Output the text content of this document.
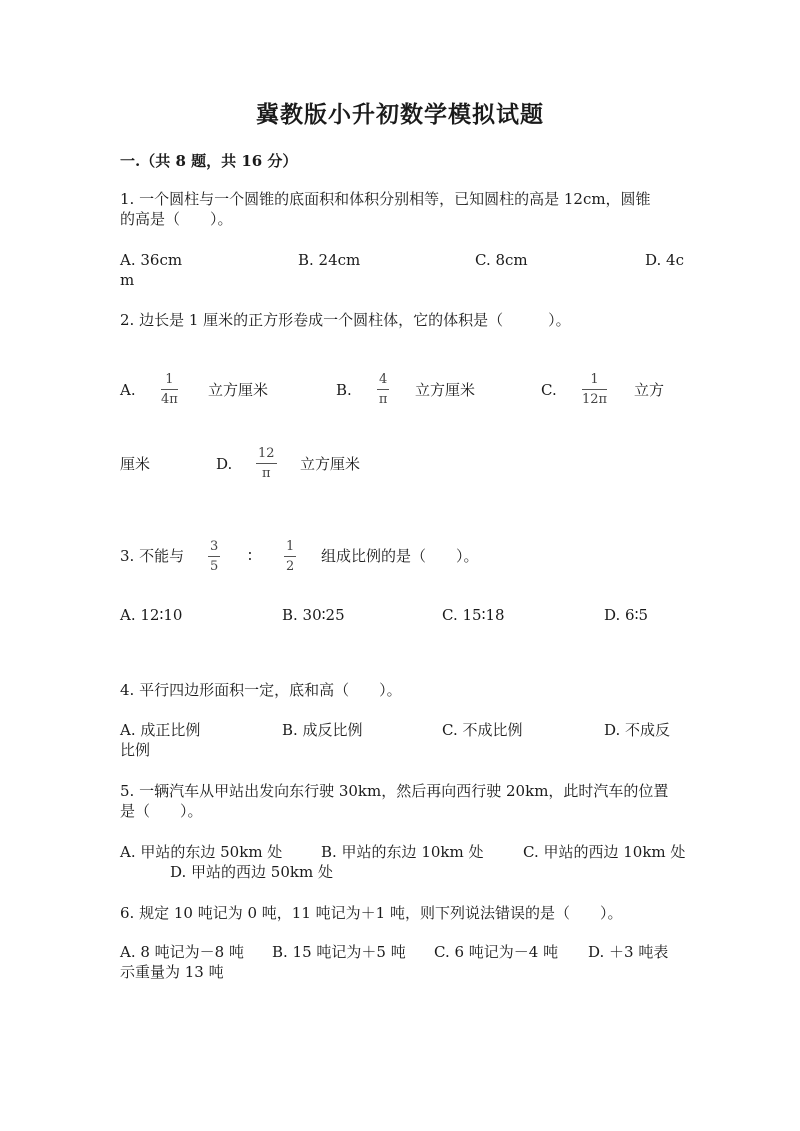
冀教版小升初数学模拟试题
一.（共 8 题，共 16 分）
1. 一个圆柱与一个圆锥的底面积和体积分别相等，已知圆柱的高是 12cm，圆锥
的高是（　　）。
A. 36cm	B. 24cm	C. 8cm	D. 4c
m
2. 边长是 1 厘米的正方形卷成一个圆柱体，它的体积是（　　　）。
A.
1
4π
立方厘米	B.
4
π
立方厘米	C.
1
12π
立方
厘米	D.
12
π
立方厘米
3. 不能与
3
5
∶
1
2
组成比例的是（　　）。
A. 12∶10	B. 30∶25	C. 15∶18	D. 6∶5
4. 平行四边形面积一定，底和高（　　）。
A. 成正比例	B. 成反比例	C. 不成比例	D. 不成反
比例
5. 一辆汽车从甲站出发向东行驶 30km，然后再向西行驶 20km，此时汽车的位置
是（　　）。
A. 甲站的东边 50km 处	B. 甲站的东边 10km 处	C. 甲站的西边 10km 处
D. 甲站的西边 50km 处
6. 规定 10 吨记为 0 吨，11 吨记为＋1 吨，则下列说法错误的是（　　）。
A. 8 吨记为－8 吨 B. 15 吨记为＋5 吨 C. 6 吨记为－4 吨 D. ＋3 吨表
示重量为 13 吨
